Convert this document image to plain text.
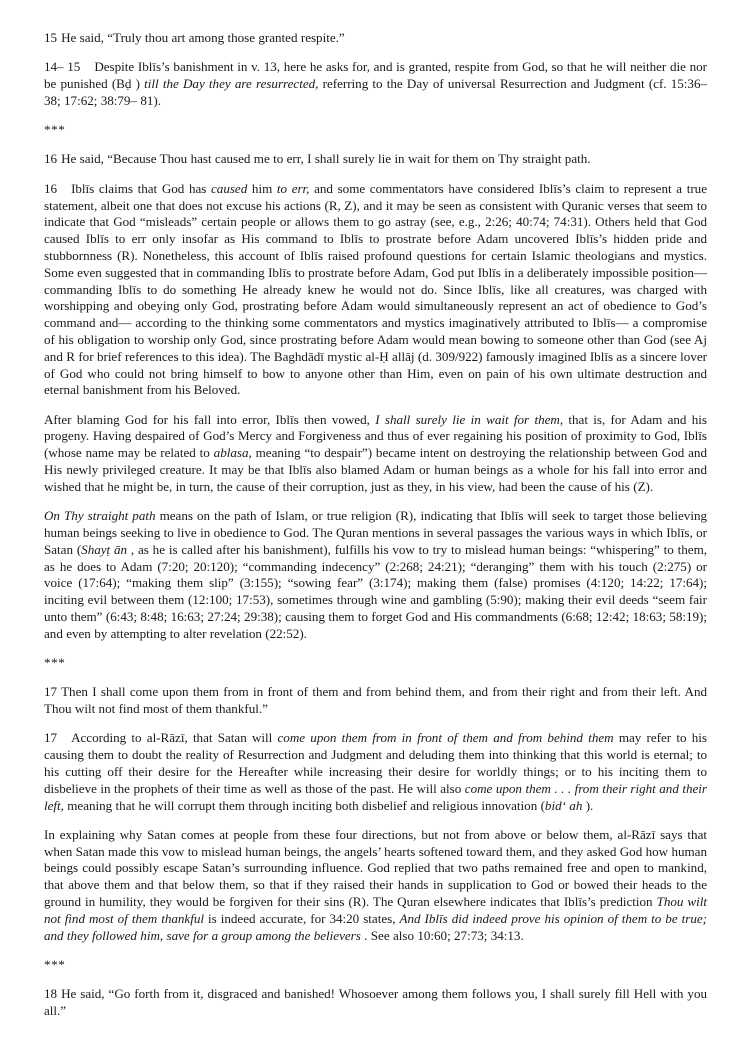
15 He said, “Truly thou art among those granted respite.”

14– 15 Despite Iblīs’s banishment in v. 13, here he asks for, and is granted, respite from God, so that he will neither die nor be punished (Bḍ ) till the Day they are resurrected, referring to the Day of universal Resurrection and Judgment (cf. 15:36– 38; 17:62; 38:79– 81).

***

16 He said, “Because Thou hast caused me to err, I shall surely lie in wait for them on Thy straight path.

16 Iblīs claims that God has caused him to err, and some commentators have considered Iblīs’s claim to represent a true statement, albeit one that does not excuse his actions (R, Z), and it may be seen as consistent with Quranic verses that seem to indicate that God “misleads” certain people or allows them to go astray (see, e.g., 2:26; 40:74; 74:31). Others held that God caused Iblīs to err only insofar as His command to Iblīs to prostrate before Adam uncovered Iblīs’s hidden pride and stubbornness (R). Nonetheless, this account of Iblīs raised profound questions for certain Islamic theologians and mystics. Some even suggested that in commanding Iblīs to prostrate before Adam, God put Iblīs in a deliberately impossible position— commanding Iblīs to do something He already knew he would not do. Since Iblīs, like all creatures, was charged with worshipping and obeying only God, prostrating before Adam would simultaneously represent an act of obedience to God’s command and— according to the thinking some commentators and mystics imaginatively attributed to Iblīs— a compromise of his obligation to worship only God, since prostrating before Adam would mean bowing to someone other than God (see Aj and R for brief references to this idea). The Baghdādī mystic al-Ḥ allāj (d. 309/922) famously imagined Iblīs as a sincere lover of God who could not bring himself to bow to anyone other than Him, even on pain of his own ultimate destruction and eternal banishment from his Beloved.

After blaming God for his fall into error, Iblīs then vowed, I shall surely lie in wait for them, that is, for Adam and his progeny. Having despaired of God’s Mercy and Forgiveness and thus of ever regaining his position of proximity to God, Iblīs (whose name may be related to ablasa, meaning “to despair”) became intent on destroying the relationship between God and His newly privileged creature. It may be that Iblīs also blamed Adam or human beings as a whole for his fall into error and wished that he might be, in turn, the cause of their corruption, just as they, in his view, had been the cause of his (Z).

On Thy straight path means on the path of Islam, or true religion (R), indicating that Iblīs will seek to target those believing human beings seeking to live in obedience to God. The Quran mentions in several passages the various ways in which Iblīs, or Satan (Shayṭ ān , as he is called after his banishment), fulfills his vow to try to mislead human beings: “whispering” to them, as he does to Adam (7:20; 20:120); “commanding indecency” (2:268; 24:21); “deranging” them with his touch (2:275) or voice (17:64); “making them slip” (3:155); “sowing fear” (3:174); making them (false) promises (4:120; 14:22; 17:64); inciting evil between them (12:100; 17:53), sometimes through wine and gambling (5:90); making their evil deeds “seem fair unto them” (6:43; 8:48; 16:63; 27:24; 29:38); causing them to forget God and His commandments (6:68; 12:42; 18:63; 58:19); and even by attempting to alter revelation (22:52).

***

17 Then I shall come upon them from in front of them and from behind them, and from their right and from their left. And Thou wilt not find most of them thankful.”

17 According to al-Rāzī, that Satan will come upon them from in front of them and from behind them may refer to his causing them to doubt the reality of Resurrection and Judgment and deluding them into thinking that this world is eternal; to his cutting off their desire for the Hereafter while increasing their desire for worldly things; or to his inciting them to disbelieve in the prophets of their time as well as those of the past. He will also come upon them . . . from their right and their left, meaning that he will corrupt them through inciting both disbelief and religious innovation (bidʻ ah ).

In explaining why Satan comes at people from these four directions, but not from above or below them, al-Rāzī says that when Satan made this vow to mislead human beings, the angels’ hearts softened toward them, and they asked God how human beings could possibly escape Satan’s surrounding influence. God replied that two paths remained free and open to mankind, that above them and that below them, so that if they raised their hands in supplication to God or bowed their heads to the ground in humility, they would be forgiven for their sins (R). The Quran elsewhere indicates that Iblīs’s prediction Thou wilt not find most of them thankful is indeed accurate, for 34:20 states, And Iblīs did indeed prove his opinion of them to be true; and they followed him, save for a group among the believers . See also 10:60; 27:73; 34:13.

***

18 He said, “Go forth from it, disgraced and banished! Whosoever among them follows you, I shall surely fill Hell with you all.”
